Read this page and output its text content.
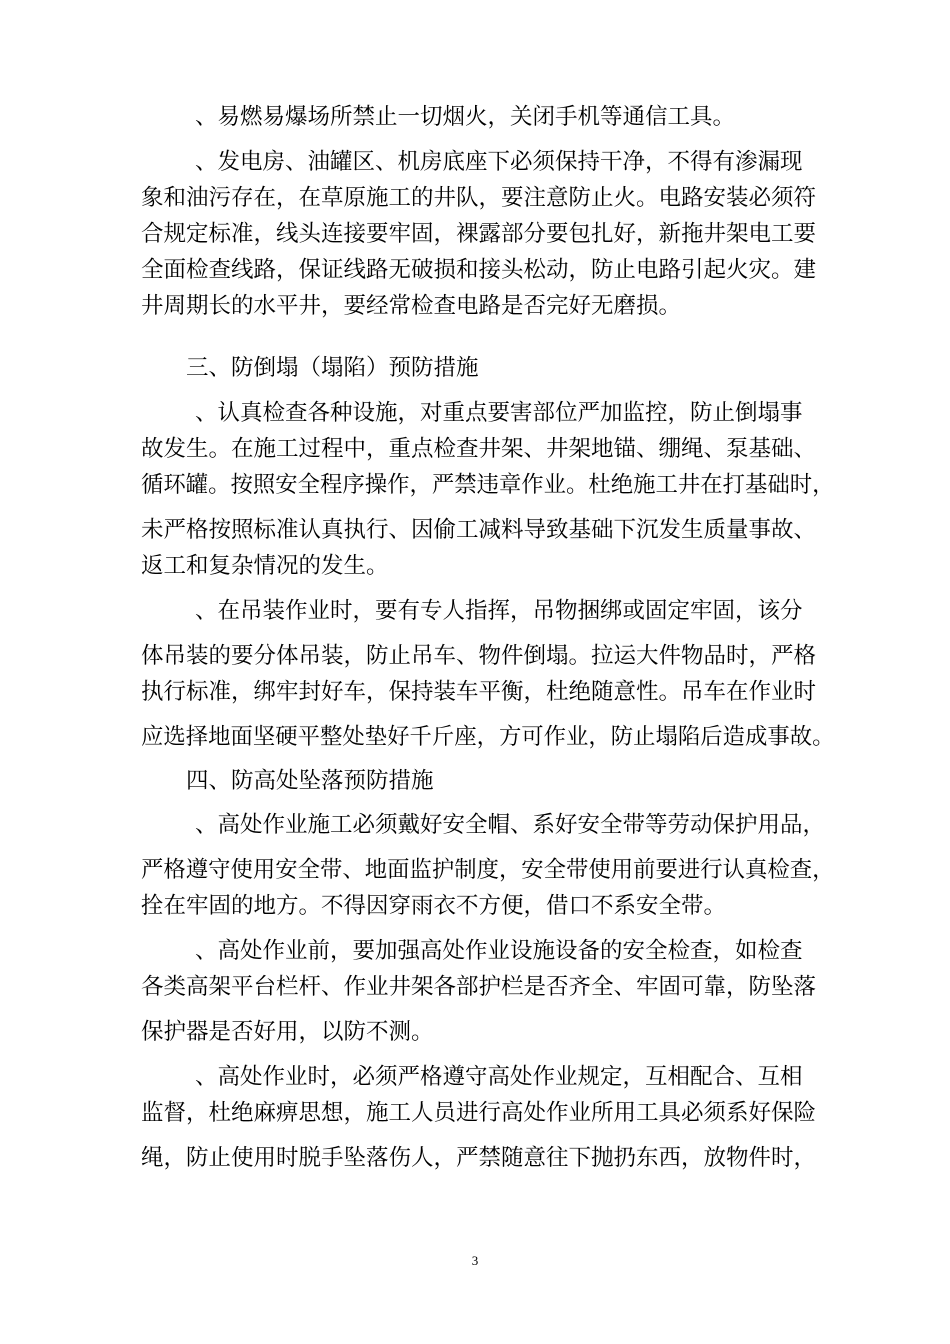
、易燃易爆场所禁止一切烟火，关闭手机等通信工具。

、发电房、油罐区、机房底座下必须保持干净，不得有渗漏现

象和油污存在，在草原施工的井队，要注意防止火。电路安装必须符

合规定标准，线头连接要牢固，裸露部分要包扎好，新拖井架电工要

全面检查线路，保证线路无破损和接头松动，防止电路引起火灾。建

井周期长的水平井，要经常检查电路是否完好无磨损。

三、防倒塌（塌陷）预防措施

、认真检查各种设施，对重点要害部位严加监控，防止倒塌事

故发生。在施工过程中，重点检查井架、井架地锚、绷绳、泵基础、

循环罐。按照安全程序操作，严禁违章作业。杜绝施工井在打基础时，

未严格按照标准认真执行、因偷工减料导致基础下沉发生质量事故、

返工和复杂情况的发生。

、在吊装作业时，要有专人指挥，吊物捆绑或固定牢固，该分

体吊装的要分体吊装，防止吊车、物件倒塌。拉运大件物品时，严格

执行标准，绑牢封好车，保持装车平衡，杜绝随意性。吊车在作业时

应选择地面坚硬平整处垫好千斤座，方可作业，防止塌陷后造成事故。

四、防高处坠落预防措施

、高处作业施工必须戴好安全帽、系好安全带等劳动保护用品，

严格遵守使用安全带、地面监护制度，安全带使用前要进行认真检查，

拴在牢固的地方。不得因穿雨衣不方便，借口不系安全带。

、高处作业前，要加强高处作业设施设备的安全检查，如检查

各类高架平台栏杆、作业井架各部护栏是否齐全、牢固可靠，防坠落

保护器是否好用，以防不测。

、高处作业时，必须严格遵守高处作业规定，互相配合、互相

监督，杜绝麻痹思想，施工人员进行高处作业所用工具必须系好保险

绳，防止使用时脱手坠落伤人，严禁随意往下抛扔东西，放物件时，

3
